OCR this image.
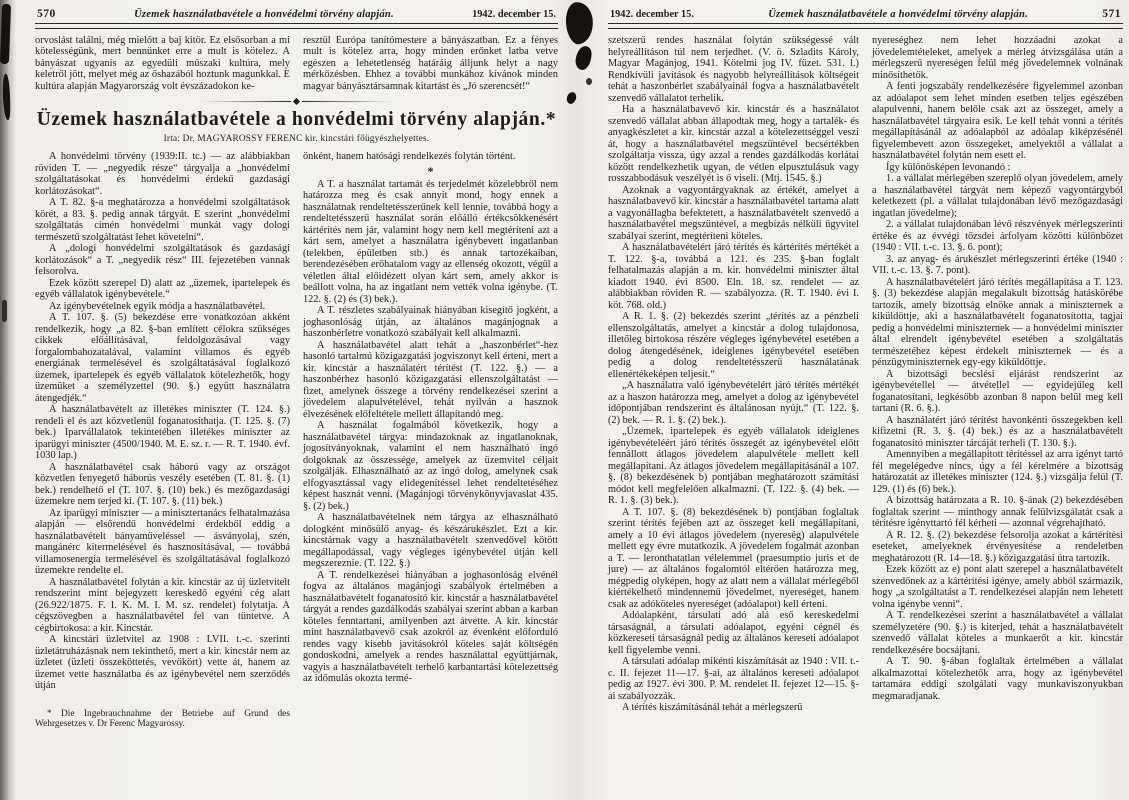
570	Üzemek használatbavétele a honvédelmi törvény alapján.	1942. december 15.

orvoslást találni, még mielőtt a baj kitör. Ez elsősorban a mi kötelességünk, mert bennünket erre a mult is kötelez. A bányászat ugyanis az egyedüli műszaki kultúra, mely keletről jött, melyet még az őshazából hoztunk magunkkal. E kultúra alapján Magyarország volt évszázadokon ke-

resztül Európa tanítómestere a bányászatban. Ez a fényes mult is kötelez arra, hogy minden erőnket latba vetve egészen a lehetetlenség határáig álljunk helyt a nagy mérkőzésben. Ehhez a további munkához kívánok minden magyar bányásztársamnak kitartást és „Jó szerencsét!“

Üzemek használatbavétele a honvédelmi törvény alapján.*
Irta: Dr. MAGYAROSSY FERENC kir. kincstári főügyészhelyettes.

A honvédelmi törvény (1939:II. tc.) — az alábbiakban röviden T. — „negyedik része“ tárgyalja a „honvédelmi szolgáltatásokat és honvédelmi érdekű gazdasági korlátozásokat“.

A T. 82. §-a meghatározza a honvédelmi szolgáltatások körét, a 83. §. pedig annak tárgyát. E szerint „honvédelmi szolgáltatás címén honvédelmi munkát vagy dologi természetű szolgáltatást lehet követelni“.

A „dologi honvédelmi szolgáltatások és gazdasági korlátozások“ a T. „negyedik rész“ III. fejezetében vannak felsorolva.

Ezek között szerepel D) alatt az „üzemek, ipartelepek és egyéb vállalatok igénybevétele.“

Az igénybevételnek egyik módja a használatbavétel.

A T. 107. §. (5) bekezdése erre vonatkozóan akként rendelkezik, hogy „a 82. §-ban említett célokra szükséges cikkek előállításával, feldolgozásával vagy forgalombahozatalával, valamint villamos és egyéb energiának termelésével és szolgáltatásával foglalkozó üzemek, ipartelepek és egyéb vállalatok kötelezhetők, hogy üzemüket a személyzettel (90. §.) együtt használatra átengedjék.“

A használatbavételt az illetékes miniszter (T. 124. §.) rendeli el és azt közvetlenül foganatosíthatja. (T. 125. §. (7) bek.) Iparvállalatok tekintetében illetékes miniszter az iparügyi miniszter (4500/1940. M. E. sz. r. — R. T. 1940. évf. 1030 lap.)

A használatbavétel csak háború vagy az országot közvetlen fenyegető háborús veszély esetében (T. 81. §. (1) bek.) rendelhető el (T. 107. §. (10) bek.) és mezőgazdasági üzemekre nem terjed ki. (T. 107. §. (11) bek.)

Az iparügyi miniszter — a minisztertanács felhatalmazása alapján — elsőrendű honvédelmi érdekből eddig a használatbavételt bányaműveléssel — ásványolaj, szén, mangánérc kitermelésével és hasznosításával, — továbbá villamosenergia termelésével és szolgáltatásával foglalkozó üzemekre rendelte el.

A használatbavétel folytán a kir. kincstár az új üzletvitelt rendszerint mint bejegyzett kereskedő egyéni cég alatt (26.922/1875. F. I. K. M. I. M. sz. rendelet) folytatja. A cégszövegben a használatbavétel fel van tüntetve. A cégbirtokosa: a kir. Kincstár.

A kincstári üzletvitel az 1908 : LVII. t.-c. szerinti üzletátruházásnak nem tekinthető, mert a kir. kincstár nem az üzletet (üzleti összeköttetés, vevőkört) vette át, hanem az üzemet vette használatba és az igénybevétel nem szerződés útján

* Die Ingebrauchnahme der Betriebe auf Grund des Wehrgesetzes v. Dr Ferenc Magyarossy.

önként, hanem hatósági rendelkezés folytán történt.

*

A T. a használat tartamát és terjedelmét közelebbről nem határozza meg és csak annyit mond, hogy ennek a használatnak rendeltetésszerűnek kell lennie, továbbá hogy a rendeltetésszerű használat során előálló értékcsökkenésért kártérítés nem jár, valamint hogy nem kell megtéríteni azt a kárt sem, amelyet a használatra igénybevett ingatlanban (telekben, épületben stb.) és annak tartozékaiban, berendezésében erőhatalom vagy az ellenség okozott, végül a véletlen által előidézett olyan kárt sem, amely akkor is beállott volna, ha az ingatlant nem vették volna igénybe. (T. 122. §. (2) és (3) bek.).

A T. részletes szabályainak hiányában kisegítő jogként, a joghasonlóság útján, az általános magánjognak a haszonbérletre vonatkozó szabályait kell alkalmazni.

A használatbavétel alatt tehát a „haszonbérlet“-hez hasonló tartalmú közigazgatási jogviszonyt kell érteni, mert a kir. kincstár a használatért térítést (T. 122. §.) — a haszonbérhez hasonló közigazgatási ellenszolgáltatást — fizet, amelynek összege a törvény rendelkezései szerint a jövedelem alapulvételével, tehát nyilván a hasznok élvezésének előfeltétele mellett állapítandó meg.

A használat fogalmából következik, hogy a használatbavétel tárgya: mindazoknak az ingatlanoknak, jogosítványoknak, valamint el nem használható ingó dolgoknak az összessége, amelyek az üzemvitel céljait szolgálják. Elhasználható az az ingó dolog, amelynek csak elfogyasztással vagy elidegenítéssel lehet rendeltetéséhez képest hasznát venni. (Magánjogi törvénykönyvjavaslat 435. §. (2) bek.)

A használatbavételnek nem tárgya az elhasználható dologként minősülő anyag- és készárukészlet. Ezt a kir. kincstárnak vagy a használatbavételt szenvedővel kötött megállapodással, vagy végleges igénybevétel útján kell megszereznie. (T. 122. §.)

A T. rendelkezései hiányában a joghasonlóság elvénél fogva az általános magánjogi szabályok értelmében a használatbavételt foganatosító kir. kincstár a használatbavétel tárgyát a rendes gazdálkodás szabályai szerint abban a karban köteles fenntartani, amilyenben azt átvette. A kir. kincstár mint használatbavevő csak azokról az évenként előforduló rendes vagy kisebb javításokról köteles saját költségén gondoskodni, amelyek a rendes használattal együttjárnak, vagyis a használatbavételt terhelő karbantartási kötelezettség az időmulás okozta termé-

1942. december 15.	Üzemek használatbavétele a honvédelmi törvény alapján.	571

szetszerű rendes használat folytán szükségessé vált helyreállításon túl nem terjedhet. (V. ö. Szladits Károly, Magyar Magánjog, 1941. Kötelmi jog IV. füzet. 531. l.) Rendkívüli javítások és nagyobb helyreállítások költségeit tehát a haszonbérlet szabályainál fogva a használatbavételt szenvedő vállalatot terhelik.

Ha a használatbavevő kir. kincstár és a használatot szenvedő vállalat abban állapodtak meg, hogy a tartalék- és anyagkészletet a kir. kincstár azzal a kötelezettséggel veszi át, hogy a használatbavétel megszüntével becsértékben szolgáltatja vissza, úgy azzal a rendes gazdálkodás korlátai között rendelkezhetik ugyan, de vétlen elpusztulásuk vagy rosszabbodásuk veszélyét is ő viseli. (Mtj. 1545. §.)

Azoknak a vagyontárgyaknak az értékét, amelyet a használatbavevő kir. kincstár a használatbavétel tartama alatt a vagyonállagba befektetett, a használatbavételt szenvedő a használatbavétel megszüntével, a megbízás nélküli ügyvitel szabályai szerint, megtéríteni köteles.

A használatbavételért járó térítés és kártérítés mértékét a T. 122. §-a, továbbá a 121. és 235. §-ban foglalt felhatalmazás alapján a m. kir. honvédelmi miniszter által kiadott 1940. évi 8500. Eln. 18. sz. rendelet — az alábbiakban röviden R. — szabályozza. (R. T. 1940. évi I. köt. 768. old.)

A R. 1. §. (2) bekezdés szerint „térítés az a pénzbeli ellenszolgáltatás, amelyet a kincstár a dolog tulajdonosa, illetőleg birtokosa részére végleges igénybevétel esetében a dolog átengedésének, ideiglenes igénybevétel esetében pedig a dolog rendeltetésszerű használatának ellenértékeképen teljesít.“

„A használatra való igénybevételért járó térítés mértékét az a haszon határozza meg, amelyet a dolog az igénybevétel időpontjában rendszerint és általánosan nyújt.“ (T. 122. §. (2) bek. — R. 1. §. (2) bek.).

„Üzemek, ipartelepek és egyéb vállalatok ideiglenes igénybevételéért járó térítés összegét az igénybevétel előtt fennállott átlagos jövedelem alapulvétele mellett kell megállapítani. Az átlagos jövedelem megállapításánál a 107. §. (8) bekezdésének b) pontjában meghatározott számítási módot kell megfelelően alkalmazni. (T. 122. §. (4) bek. — R. 1. §. (3) bek.).

A T. 107. §. (8) bekezdésének b) pontjában foglaltak szerint térítés fejében azt az összeget kell megállapítani, amely a 10 évi átlagos jövedelem (nyereség) alapulvétele mellett egy évre mutatkozik. A jövedelem fogalmát azonban a T. — leronthatatlan vélelemmel (praesumptio juris et de jure) — az általános fogalomtól eltérően határozza meg, mégpedig olyképen, hogy az alatt nem a vállalat mérlegéből kiértékelhető mindennemű jövedelmet, nyereséget, hanem csak az adóköteles nyereséget (adóalapot) kell érteni.

Adóalapként, társulati adó alá eső kereskedelmi társaságnál, a társulati adóalapot, egyéni cégnél és közkereseti társaságnál pedig az általános kereseti adóalapot kell figyelembe venni.

A társulati adóalap mikénti kiszámítását az 1940 : VII. t.-c. II. fejezet 11—17. §-ai, az általános kereseti adóalapot pedig az 1927. évi 300. P. M. rendelet II. fejezet 12—15. §-ai szabályozzák.

A térítés kiszámításánál tehát a mérlegszerű

nyereséghez nem lehet hozzáadni azokat a jövedelemtételeket, amelyek a mérleg átvizsgálása után a mérlegszerű nyereségen felül még jövedelemnek volnának minősíthetők.

A fenti jogszabály rendelkezésére figyelemmel azonban az adóalapot sem lehet minden esetben teljes egészében alapulvenni, hanem belőle csak azt az összeget, amely a használatbavétel tárgyaira esik. Le kell tehát vonni a térítés megállapításánál az adóalapból az adóalap kiképzésénél figyelembevett azon összegeket, amelyektől a vállalat a használatbavétel folytán nem esett el.

Így különösképen levonandó :

1. a vállalat mérlegében szereplő olyan jövedelem, amely a használatbavétel tárgyát nem képező vagyontárgyból keletkezett (pl. a vállalat tulajdonában lévő mezőgazdasági ingatlan jövedelme);

2. a vállalat tulajdonában lévő részvények mérlegszerinti értéke és az évvégi tőzsdei árfolyam közötti különbözet (1940 : VII. t.-c. 13. §. 6. pont);

3. az anyag- és árukészlet mérlegszerinti értéke (1940 : VII. t.-c. 13. §. 7. pont).

A használatbavételért járó térítés megállapítása a T. 123. §. (3) bekezdése alapján megalakult bizottság hatáskörébe tartozik, amely bizottság elnöke annak a miniszternek a kiküldöttje, aki a használatbavételt foganatosította, tagjai pedig a honvédelmi miniszternek — a honvédelmi miniszter által elrendelt igénybevétel esetében a szolgáltatás természetéhez képest érdekelt miniszternek — és a pénzügyminiszternek egy-egy kiküldöttje.

A bizottsági becslési eljárást rendszerint az igénybevétellel — átvétellel — egyidejűleg kell foganatosítani, legkésőbb azonban 8 napon belül meg kell tartani (R. 6. §.).

A használatért járó térítést havonkénti összegekben kell kifizetni (R. 3. §. (4) bek.) és az a használatbavételt foganatosító miniszter tárcáját terheli (T. 130. §.).

Amennyiben a megállapított térítéssel az arra igényt tartó fél megelégedve nincs, úgy a fél kérelmére a bizottság határozatát az illetékes miniszter (124. §.) vizsgálja felül (T. 129. (1) és (6) bek.).

A bizottság határozata a R. 10. §-ának (2) bekezdésében foglaltak szerint — minthogy annak felülvizsgálatát csak a térítésre igényttartó fél kérheti — azonnal végrehajtható.

A R. 12. §. (2) bekezdése felsorolja azokat a kártérítési eseteket, amelyeknek érvényesítése a rendeletben meghatározott (R. 14—18. §.) közigazgatási útra tartozik.

Ezek között az e) pont alatt szerepel a használatbavételt szenvedőnek az a kártérítési igénye, amely abból származik, hogy „a szolgáltatást a T. rendelkezései alapján nem lehetett volna igénybe venni“.

A T. rendelkezései szerint a használatbavétel a vállalat személyzetére (90. §.) is kiterjed, tehát a használatbavételt szenvedő vállalat köteles a munkaerőt a kir. kincstár rendelkezésére bocsájtani.

A T. 90. §-ában foglaltak értelmében a vállalat alkalmazottai kötelezhetők arra, hogy az igénybevétel tartamára eddigi szolgálati vagy munkaviszonyukban megmaradjanak.
